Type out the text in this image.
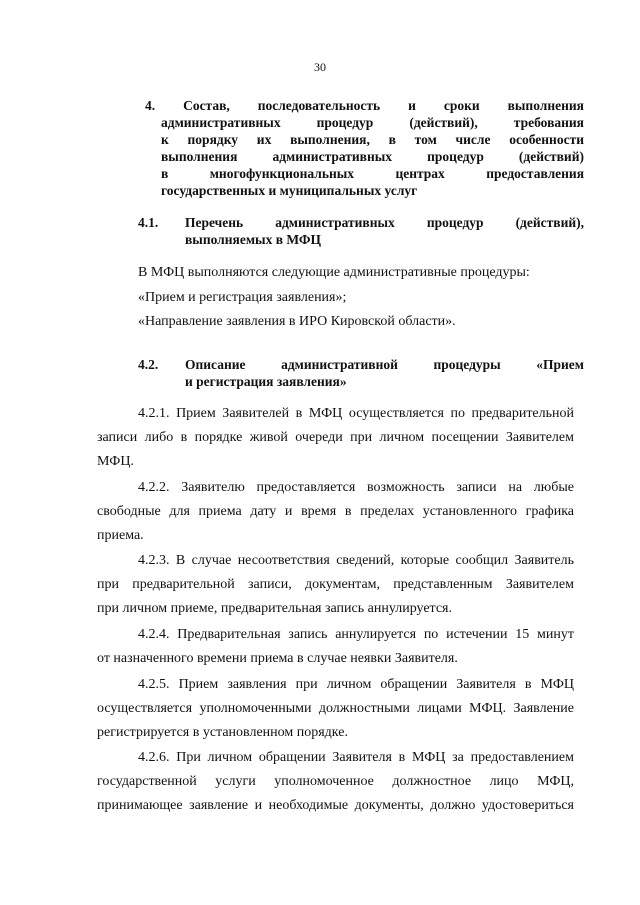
30
4. Состав, последовательность и сроки выполнения
административных процедур (действий), требования
к порядку их выполнения, в том числе особенности
выполнения административных процедур (действий)
в многофункциональных центрах предоставления
государственных и муниципальных услуг
4.1. Перечень административных процедур (действий),
выполняемых в МФЦ
В МФЦ выполняются следующие административные процедуры:
«Прием и регистрация заявления»;
«Направление заявления в ИРО Кировской области».
4.2. Описание административной процедуры «Прием
и регистрация заявления»
4.2.1. Прием Заявителей в МФЦ осуществляется по предварительной
записи либо в порядке живой очереди при личном посещении Заявителем
МФЦ.
4.2.2. Заявителю предоставляется возможность записи на любые
свободные для приема дату и время в пределах установленного графика
приема.
4.2.3. В случае несоответствия сведений, которые сообщил Заявитель
при предварительной записи, документам, представленным Заявителем
при личном приеме, предварительная запись аннулируется.
4.2.4. Предварительная запись аннулируется по истечении 15 минут
от назначенного времени приема в случае неявки Заявителя.
4.2.5. Прием заявления при личном обращении Заявителя в МФЦ
осуществляется уполномоченными должностными лицами МФЦ. Заявление
регистрируется в установленном порядке.
4.2.6. При личном обращении Заявителя в МФЦ за предоставлением
государственной услуги уполномоченное должностное лицо МФЦ,
принимающее заявление и необходимые документы, должно удостовериться
